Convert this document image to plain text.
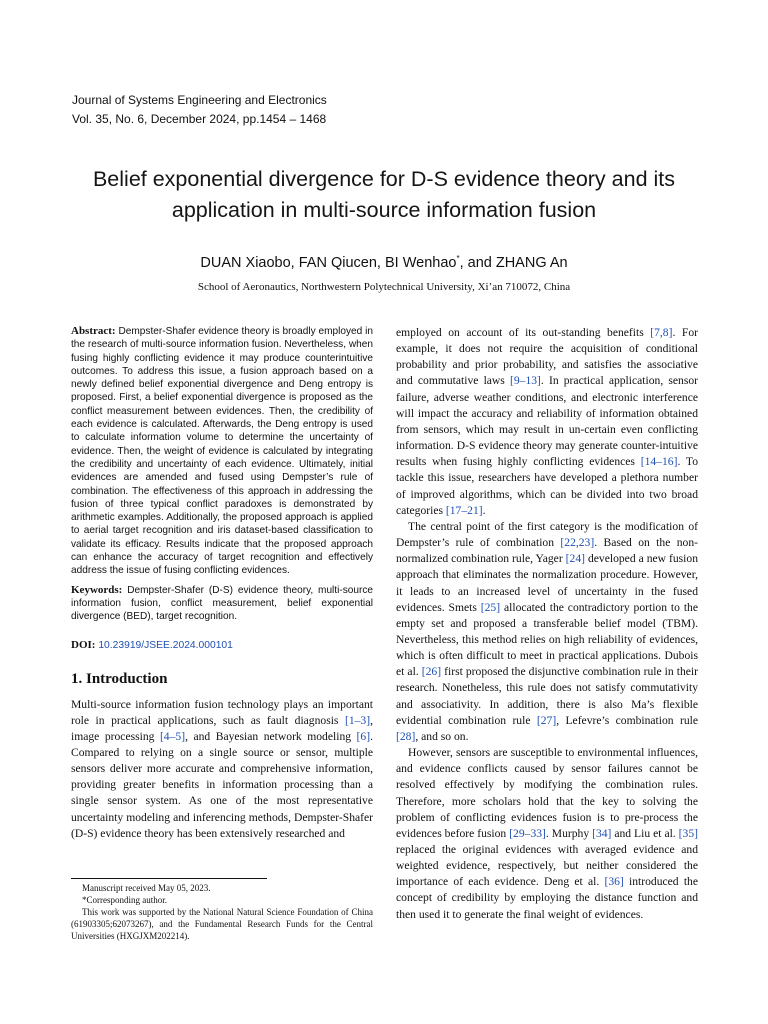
Journal of Systems Engineering and Electronics
Vol. 35, No. 6, December 2024, pp.1454 – 1468
Belief exponential divergence for D-S evidence theory and its
application in multi-source information fusion
DUAN Xiaobo, FAN Qiucen, BI Wenhao*, and ZHANG An
School of Aeronautics, Northwestern Polytechnical University, Xi’an 710072, China
Abstract: Dempster-Shafer evidence theory is broadly employed in the research of multi-source information fusion. Nevertheless, when fusing highly conflicting evidence it may produce counterintuitive outcomes. To address this issue, a fusion approach based on a newly defined belief exponential divergence and Deng entropy is proposed. First, a belief exponential divergence is proposed as the conflict measurement between evidences. Then, the credibility of each evidence is calculated. Afterwards, the Deng entropy is used to calculate information volume to determine the uncertainty of evidence. Then, the weight of evidence is calculated by integrating the credibility and uncertainty of each evidence. Ultimately, initial evidences are amended and fused using Dempster’s rule of combination. The effectiveness of this approach in addressing the fusion of three typical conflict paradoxes is demonstrated by arithmetic examples. Additionally, the proposed approach is applied to aerial target recognition and iris dataset-based classification to validate its efficacy. Results indicate that the proposed approach can enhance the accuracy of target recognition and effectively address the issue of fusing conflicting evidences.
Keywords: Dempster-Shafer (D-S) evidence theory, multi-source information fusion, conflict measurement, belief exponential divergence (BED), target recognition.
DOI: 10.23919/JSEE.2024.000101
1. Introduction

Multi-source information fusion technology plays an important role in practical applications, such as fault diagnosis [1–3], image processing [4–5], and Bayesian network modeling [6]. Compared to relying on a single source or sensor, multiple sensors deliver more accurate and comprehensive information, providing greater benefits in information processing than a single sensor system. As one of the most representative uncertainty modeling and inferencing methods, Dempster-Shafer (D-S) evidence theory has been extensively researched and

employed on account of its out-standing benefits [7,8]. For example, it does not require the acquisition of conditional probability and prior probability, and satisfies the associative and commutative laws [9–13]. In practical application, sensor failure, adverse weather conditions, and electronic interference will impact the accuracy and reliability of information obtained from sensors, which may result in un-certain even conflicting information. D-S evidence theory may generate counter-intuitive results when fusing highly conflicting evidences [14–16]. To tackle this issue, researchers have developed a plethora number of improved algorithms, which can be divided into two broad categories [17–21].

The central point of the first category is the modification of Dempster’s rule of combination [22,23]. Based on the non-normalized combination rule, Yager [24] developed a new fusion approach that eliminates the normalization procedure. However, it leads to an increased level of uncertainty in the fused evidences. Smets [25] allocated the contradictory portion to the empty set and proposed a transferable belief model (TBM). Nevertheless, this method relies on high reliability of evidences, which is often difficult to meet in practical applications. Dubois et al. [26] first proposed the disjunctive combination rule in their research. Nonetheless, this rule does not satisfy commutativity and associativity. In addition, there is also Ma’s flexible evidential combination rule [27], Lefevre’s combination rule [28], and so on.

However, sensors are susceptible to environmental influences, and evidence conflicts caused by sensor failures cannot be resolved effectively by modifying the combination rules. Therefore, more scholars hold that the key to solving the problem of conflicting evidences fusion is to pre-process the evidences before fusion [29–33]. Murphy [34] and Liu et al. [35] replaced the original evidences with averaged evidence and weighted evidence, respectively, but neither considered the importance of each evidence. Deng et al. [36] introduced the concept of credibility by employing the distance function and then used it to generate the final weight of evidences.

Manuscript received May 05, 2023.
*Corresponding author.
This work was supported by the National Natural Science Foundation of China (61903305;62073267), and the Fundamental Research Funds for the Central Universities (HXGJXM202214).
